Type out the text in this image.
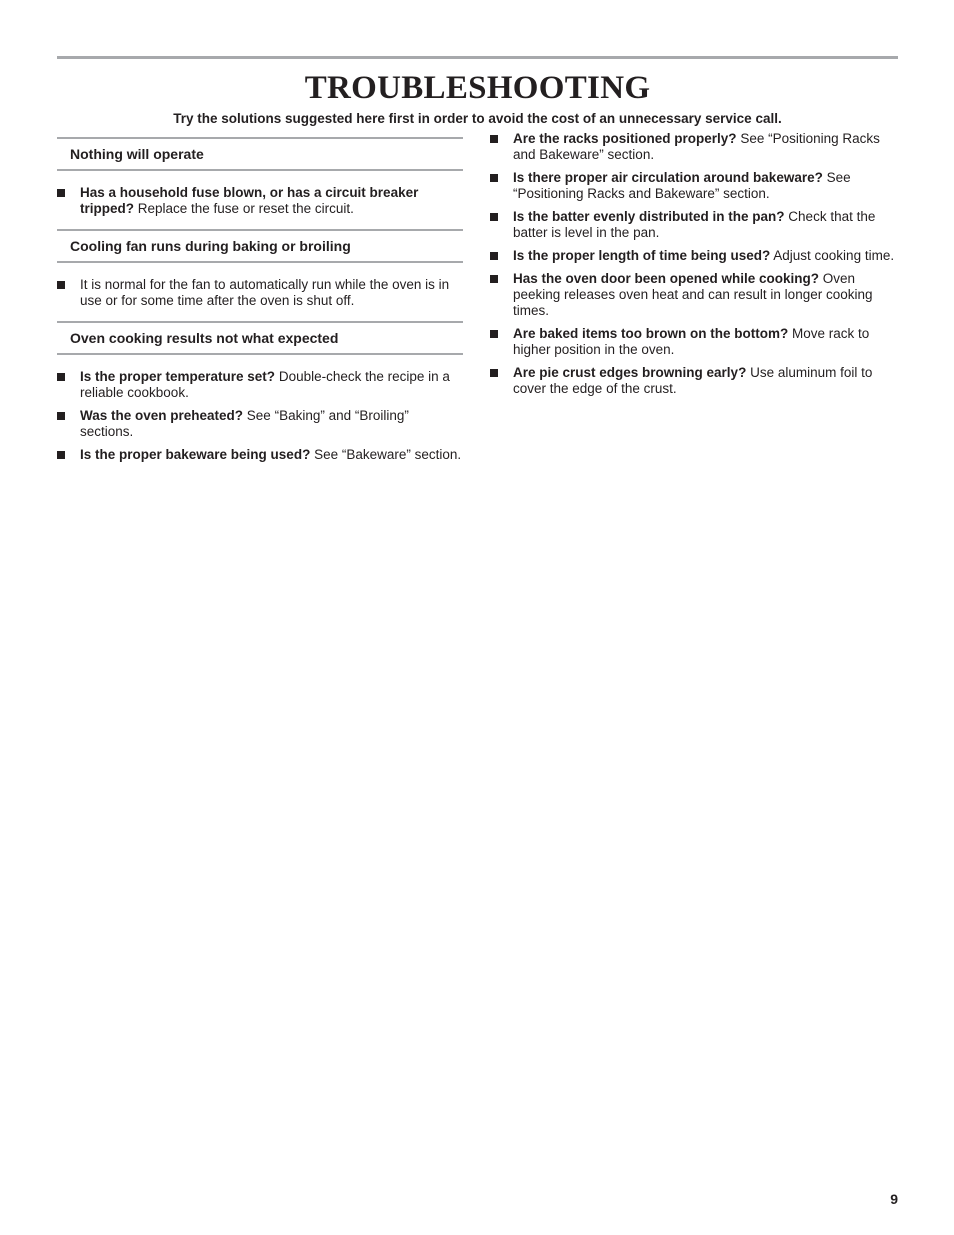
TROUBLESHOOTING

Try the solutions suggested here first in order to avoid the cost of an unnecessary service call.

Nothing will operate
Has a household fuse blown, or has a circuit breaker tripped? Replace the fuse or reset the circuit.
Cooling fan runs during baking or broiling
It is normal for the fan to automatically run while the oven is in use or for some time after the oven is shut off.
Oven cooking results not what expected
Is the proper temperature set? Double-check the recipe in a reliable cookbook.
Was the oven preheated? See “Baking” and “Broiling” sections.
Is the proper bakeware being used? See “Bakeware” section.
Are the racks positioned properly? See “Positioning Racks and Bakeware” section.
Is there proper air circulation around bakeware? See “Positioning Racks and Bakeware” section.
Is the batter evenly distributed in the pan? Check that the batter is level in the pan.
Is the proper length of time being used? Adjust cooking time.
Has the oven door been opened while cooking? Oven peeking releases oven heat and can result in longer cooking times.
Are baked items too brown on the bottom? Move rack to higher position in the oven.
Are pie crust edges browning early? Use aluminum foil to cover the edge of the crust.
9
